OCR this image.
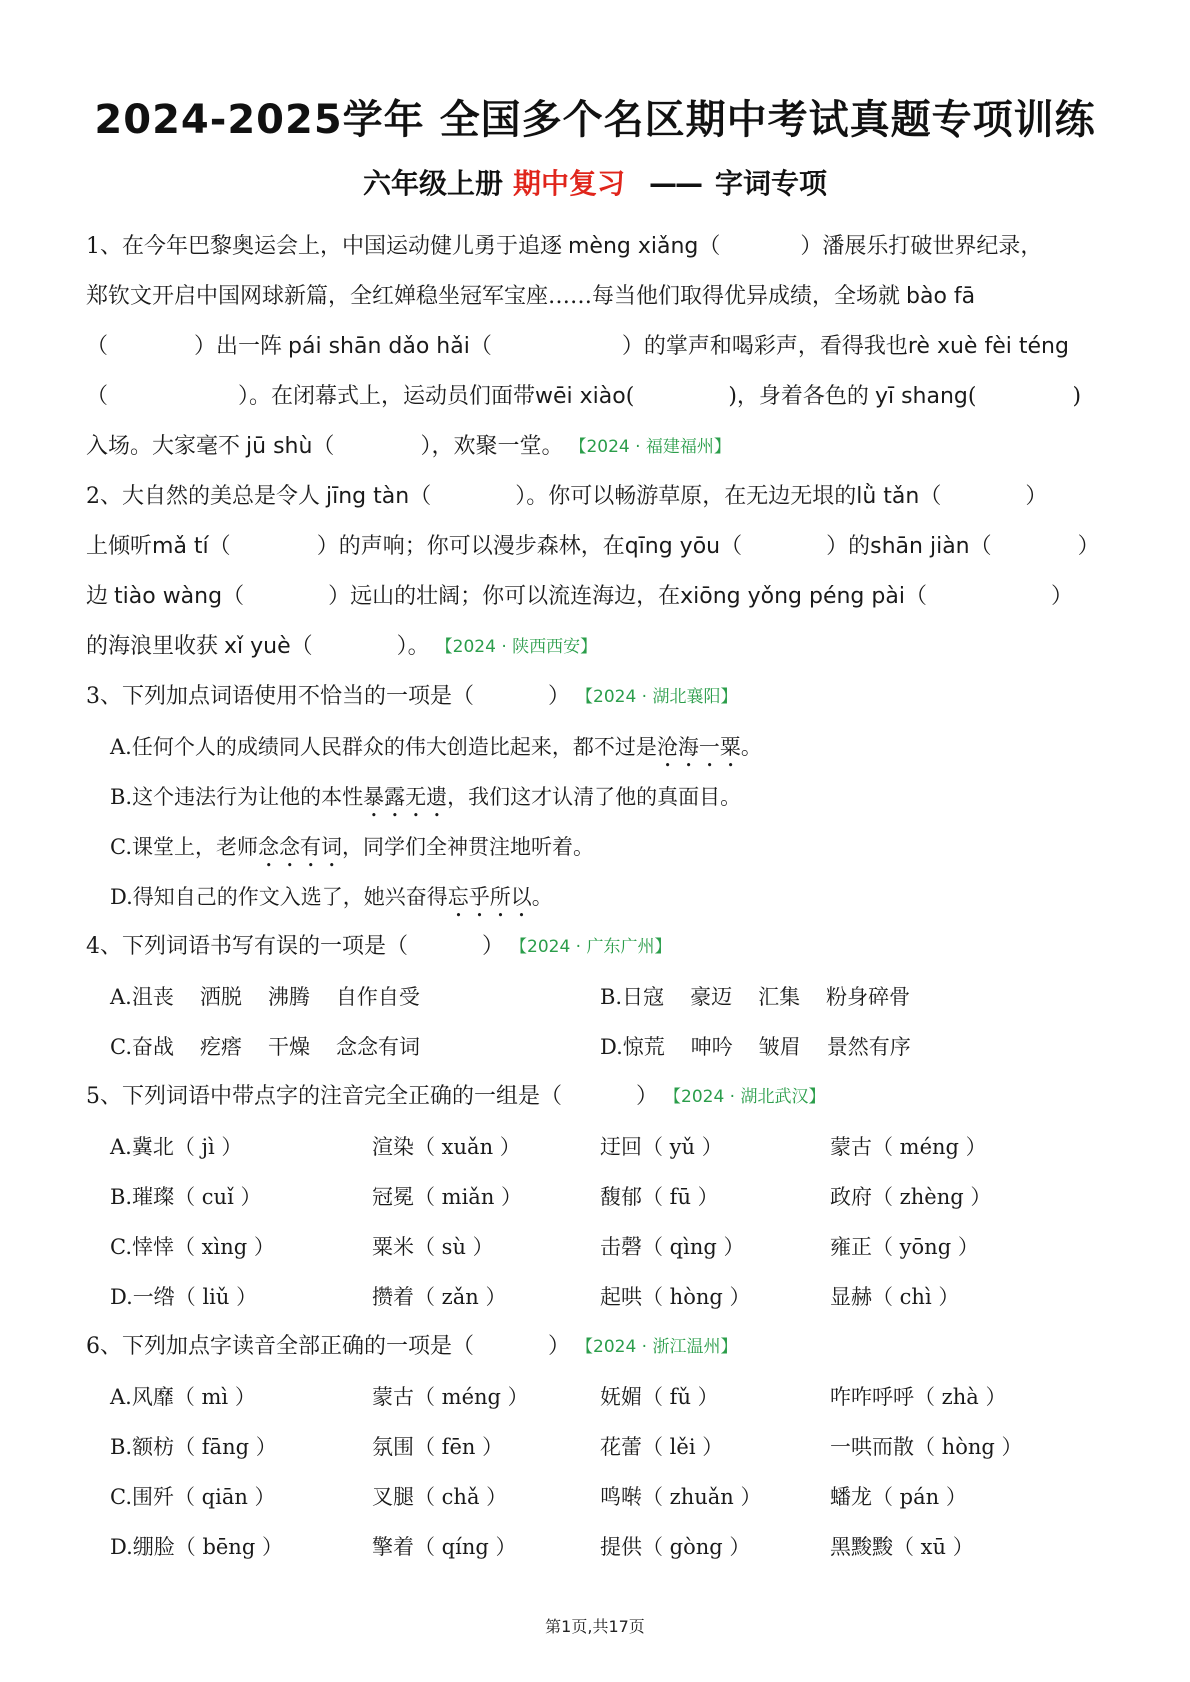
2024-2025学年 全国多个名区期中考试真题专项训练
六年级上册 期中复习 —— 字词专项
1、在今年巴黎奥运会上，中国运动健儿勇于追逐 mèng xiǎng （	）潘展乐打破世界纪录，
郑钦文开启中国网球新篇，全红婵稳坐冠军宝座……每当他们取得优异成绩，全场就 bào fā
（	）出一阵 pái shān dǎo hǎi （	）的掌声和喝彩声，看得我也 rè xuè fèi téng
（	）。在闭幕式上，运动员们面带 wēi xiào (	)，身着各色的 yī shang (	)
入场。大家毫不 jū shù （	），欢聚一堂。 【2024 · 福建福州】
2、大自然的美总是令人 jīng tàn （	）。你可以畅游草原，在无边无垠的 lǜ tǎn （	）
上倾听 mǎ tí （	）的声响；你可以漫步森林，在 qīng yōu （	）的 shān jiàn （	）
边 tiào wàng （	）远山的壮阔；你可以流连海边，在 xiōng yǒng péng pài （	）
的海浪里收获 xǐ yuè （	）。 【2024 · 陕西西安】
3、下列加点词语使用不恰当的一项是（	） 【2024 · 湖北襄阳】
A.任何个人的成绩同人民群众的伟大创造比起来，都不过是沧海一粟。
B.这个违法行为让他的本性暴露无遗，我们这才认清了他的真面目。
C.课堂上，老师念念有词，同学们全神贯注地听着。
D.得知自己的作文入选了，她兴奋得忘乎所以。
4、下列词语书写有误的一项是（	） 【2024 · 广东广州】
A.沮丧 洒脱 沸腾 自作自受	B.日寇 豪迈 汇集 粉身碎骨
C.奋战 疙瘩 干燥 念念有词	D.惊荒 呻吟 皱眉 景然有序
5、下列词语中带点字的注音完全正确的一组是（	） 【2024 · 湖北武汉】
A.冀北（ jì ）	渲染（ xuǎn ）	迂回（ yǔ ）	蒙古（ méng ）
B.璀璨（ cuǐ ）	冠冕（ miǎn ）	馥郁（ fū ）	政府（ zhèng ）
C.悻悻（ xìng ）	粟米（ sù ）	击磬（ qìng ）	雍正（ yōng ）
D.一绺（ liǔ ）	攒着（ zǎn ）	起哄（ hòng ）	显赫（ chì ）
6、下列加点字读音全部正确的一项是（	） 【2024 · 浙江温州】
A.风靡（ mì ）	蒙古（ méng ）	妩媚（ fǔ ）	咋咋呼呼（ zhà ）
B.额枋（ fāng ）	氛围（ fēn ）	花蕾（ lěi ）	一哄而散（ hòng ）
C.围歼（ qiān ）	叉腿（ chǎ ）	鸣啭（ zhuǎn ）	蟠龙（ pán ）
D.绷脸（ bēng ）	擎着（ qíng ）	提供（ gòng ）	黑黢黢（ xū ）
第1页,共17页
